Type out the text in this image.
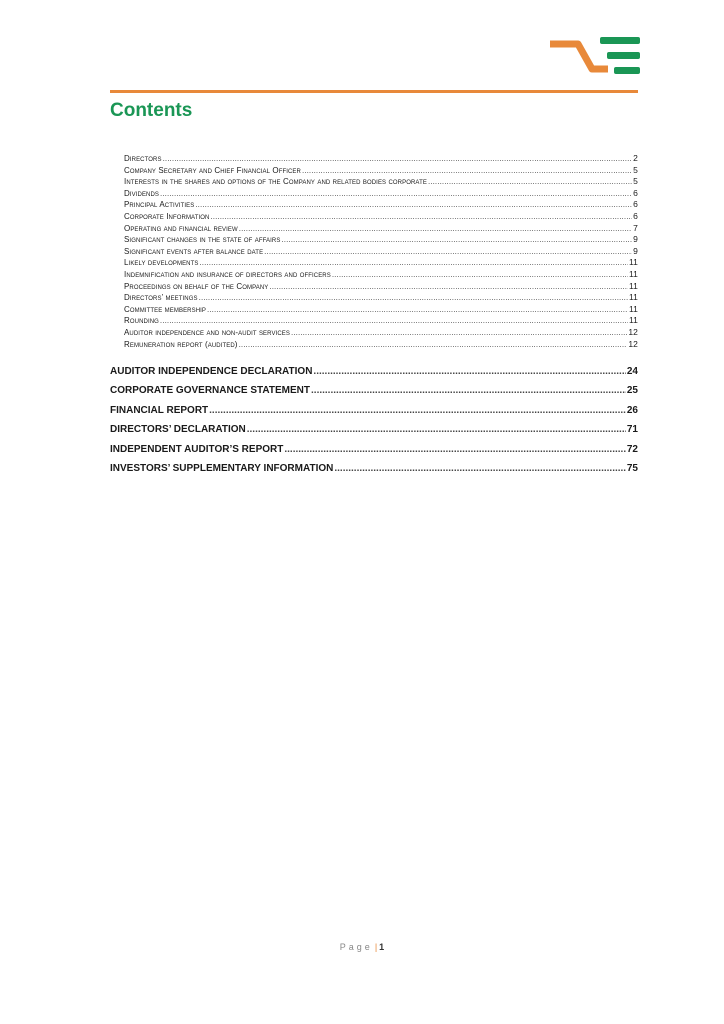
Contents
Directors .....	2
Company Secretary and Chief Financial Officer .....	5
Interests in the shares and options of the Company and related bodies corporate .....	5
Dividends .....	6
Principal Activities .....	6
Corporate Information .....	6
Operating and financial review .....	7
Significant changes in the state of affairs .....	9
Significant events after balance date .....	9
Likely developments .....	11
Indemnification and insurance of directors and officers .....	11
Proceedings on behalf of the Company .....	11
Directors’ meetings .....	11
Committee membership .....	11
Rounding .....	11
Auditor independence and non-audit services .....	12
Remuneration report (audited) .....	12
AUDITOR INDEPENDENCE DECLARATION .....	24
CORPORATE GOVERNANCE STATEMENT .....	25
FINANCIAL REPORT .....	26
DIRECTORS’ DECLARATION .....	71
INDEPENDENT AUDITOR’S REPORT .....	72
INVESTORS’ SUPPLEMENTARY INFORMATION .....	75
Page | 1
